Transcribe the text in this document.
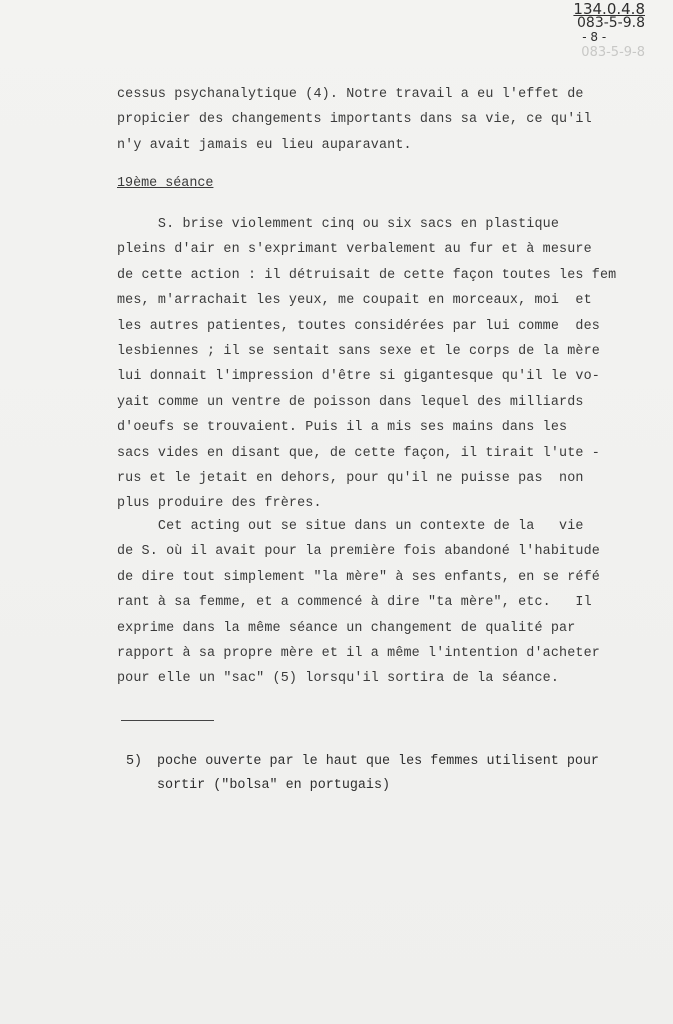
134.0.4.8
083-5-9.8
- 8 -
083-5-9-8
cessus psychanalytique (4). Notre travail a eu l'effet de
propicier des changements importants dans sa vie, ce qu'il
n'y avait jamais eu lieu auparavant.
19ème séance
S. brise violemment cinq ou six sacs en plastique
pleins d'air en s'exprimant verbalement au fur et à mesure
de cette action : il détruisait de cette façon toutes les fem
mes, m'arrachait les yeux, me coupait en morceaux, moi  et
les autres patientes, toutes considérées par lui comme  des
lesbiennes ; il se sentait sans sexe et le corps de la mère
lui donnait l'impression d'être si gigantesque qu'il le vo-
yait comme un ventre de poisson dans lequel des milliards
d'oeufs se trouvaient. Puis il a mis ses mains dans les
sacs vides en disant que, de cette façon, il tirait l'ute -
rus et le jetait en dehors, pour qu'il ne puisse pas  non
plus produire des frères.
Cet acting out se situe dans un contexte de la   vie
de S. où il avait pour la première fois abandoné l'habitude
de dire tout simplement "la mère" à ses enfants, en se réfé
rant à sa femme, et a commencé à dire "ta mère", etc.   Il
exprime dans la même séance un changement de qualité par
rapport à sa propre mère et il a même l'intention d'acheter
pour elle un "sac" (5) lorsqu'il sortira de la séance.
5) poche ouverte par le haut que les femmes utilisent pour
sortir ("bolsa" en portugais)
